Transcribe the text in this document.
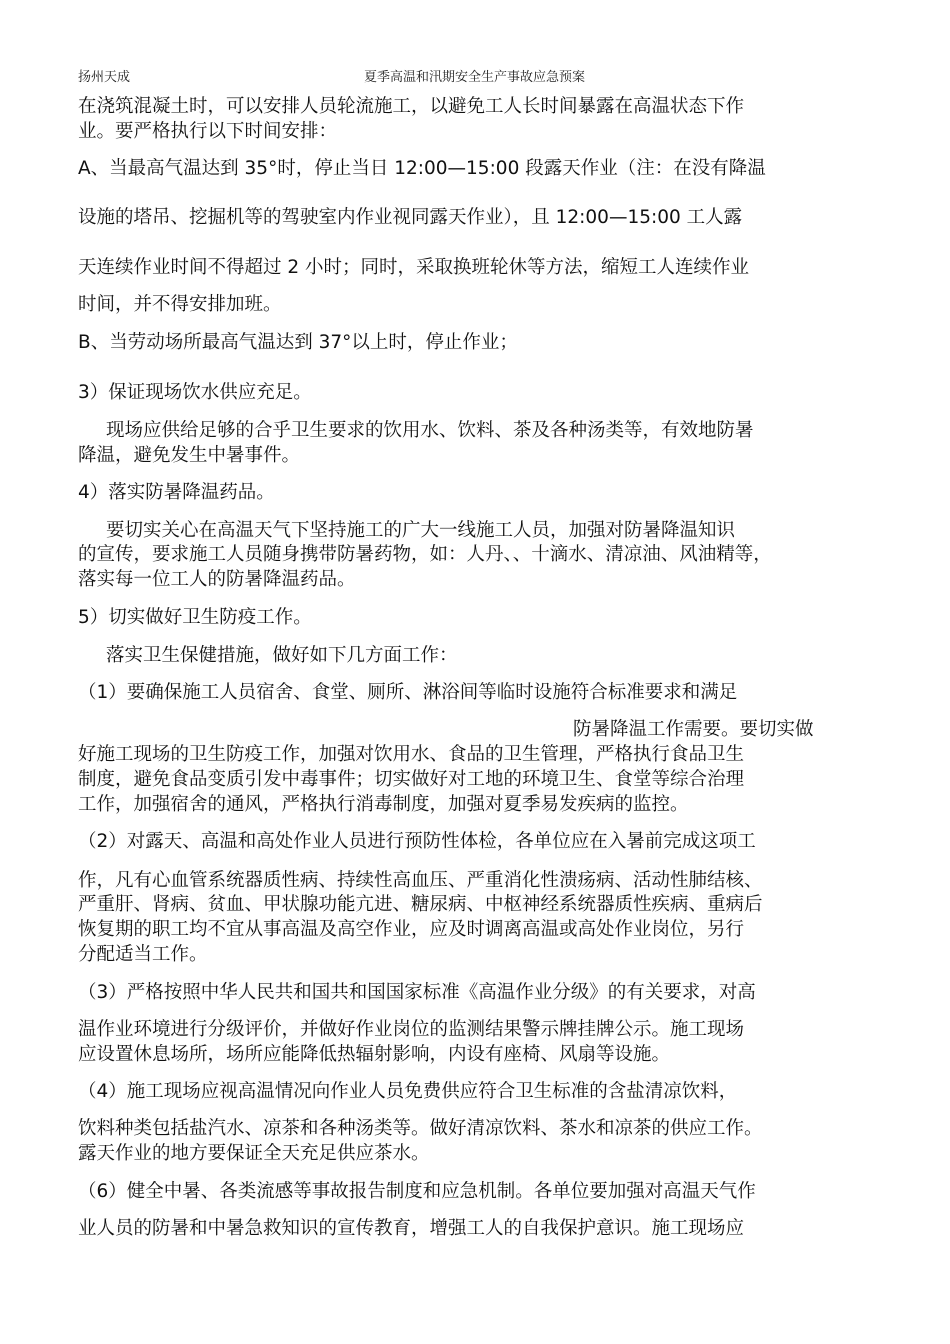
扬州天成	夏季高温和汛期安全生产事故应急预案
在浇筑混凝土时，可以安排人员轮流施工，以避免工人长时间暴露在高温状态下作
业。要严格执行以下时间安排：
A、当最高气温达到 35°时，停止当日 12:00—15:00 段露天作业（注：在没有降温
设施的塔吊、挖掘机等的驾驶室内作业视同露天作业），且 12:00—15:00 工人露
天连续作业时间不得超过 2 小时；同时，采取换班轮休等方法，缩短工人连续作业
时间，并不得安排加班。
B、当劳动场所最高气温达到 37°以上时，停止作业；
3）保证现场饮水供应充足。
现场应供给足够的合乎卫生要求的饮用水、饮料、茶及各种汤类等，有效地防暑
降温，避免发生中暑事件。
4）落实防暑降温药品。
要切实关心在高温天气下坚持施工的广大一线施工人员，加强对防暑降温知识
的宣传，要求施工人员随身携带防暑药物，如：人丹、、十滴水、清凉油、风油精等，
落实每一位工人的防暑降温药品。
5）切实做好卫生防疫工作。
落实卫生保健措施，做好如下几方面工作：
（1）要确保施工人员宿舍、食堂、厕所、淋浴间等临时设施符合标准要求和满足
防暑降温工作需要。要切实做
好施工现场的卫生防疫工作，加强对饮用水、食品的卫生管理，严格执行食品卫生
制度，避免食品变质引发中毒事件；切实做好对工地的环境卫生、食堂等综合治理
工作，加强宿舍的通风，严格执行消毒制度，加强对夏季易发疾病的监控。
（2）对露天、高温和高处作业人员进行预防性体检，各单位应在入暑前完成这项工
作，凡有心血管系统器质性病、持续性高血压、严重消化性溃疡病、活动性肺结核、
严重肝、肾病、贫血、甲状腺功能亢进、糖尿病、中枢神经系统器质性疾病、重病后
恢复期的职工均不宜从事高温及高空作业，应及时调离高温或高处作业岗位，另行
分配适当工作。
（3）严格按照中华人民共和国共和国国家标准《高温作业分级》的有关要求，对高
温作业环境进行分级评价，并做好作业岗位的监测结果警示牌挂牌公示。施工现场
应设置休息场所，场所应能降低热辐射影响，内设有座椅、风扇等设施。
（4）施工现场应视高温情况向作业人员免费供应符合卫生标准的含盐清凉饮料，
饮料种类包括盐汽水、凉茶和各种汤类等。做好清凉饮料、茶水和凉茶的供应工作。
露天作业的地方要保证全天充足供应茶水。
（6）健全中暑、各类流感等事故报告制度和应急机制。各单位要加强对高温天气作
业人员的防暑和中暑急救知识的宣传教育，增强工人的自我保护意识。施工现场应
